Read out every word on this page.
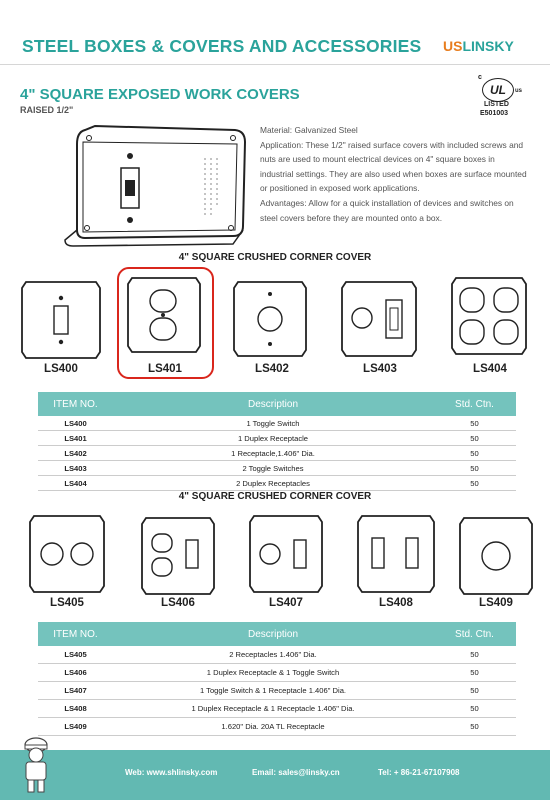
STEEL BOXES & COVERS AND ACCESSORIES USLINSKY
4" SQUARE EXPOSED WORK COVERS
RAISED 1/2"
c
UL	us
LISTED
E501003

Material: Galvanized Steel

Application: These 1/2" raised surface covers with included screws and nuts are used to mount electrical devices on 4" square boxes in industrial settings. They are also used when boxes are surface mounted or positioned in exposed work applications.

Advantages: Allow for a quick installation of devices and switches on steel covers before they are mounted onto a box.

4" SQUARE CRUSHED CORNER COVER
LS400	LS401	LS402	LS403	LS404
ITEM NO.	Description	Std. Ctn.
LS400	1 Toggle Switch	50
LS401	1 Duplex Receptacle	50
LS402	1 Receptacle,1.406" Dia.	50
LS403	2 Toggle Switches	50
LS404	2 Duplex Receptacles	50
4" SQUARE CRUSHED CORNER COVER
LS405	LS406	LS407	LS408	LS409
ITEM NO.	Description	Std. Ctn.
LS405	2 Receptacles 1.406" Dia.	50
LS406	1 Duplex Receptacle & 1 Toggle Switch	50
LS407	1 Toggle Switch & 1 Receptacle 1.406" Dia.	50
LS408	1 Duplex Receptacle & 1 Receptacle 1.406" Dia.	50
LS409	1.620" Dia. 20A TL Receptacle	50
Web: www.shlinsky.com	Email: sales@linsky.cn	Tel: + 86-21-67107908
